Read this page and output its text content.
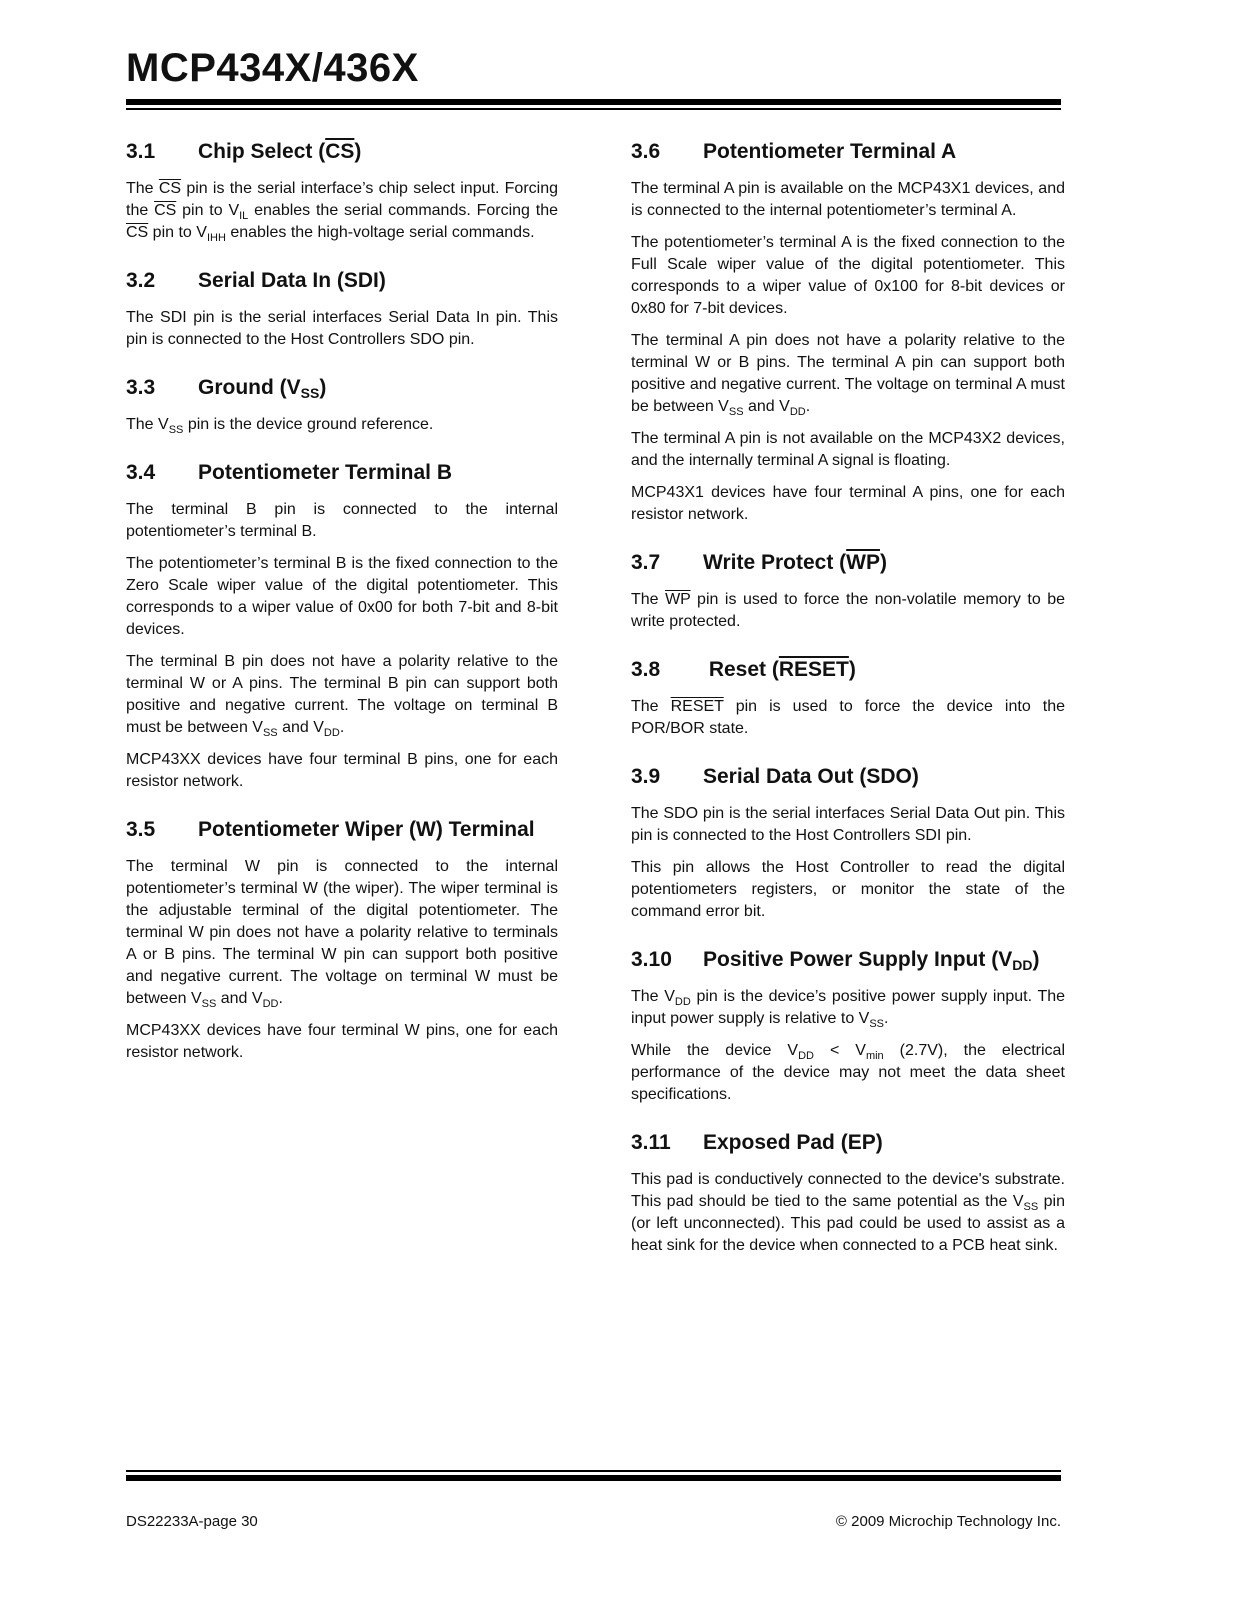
MCP434X/436X
3.1 Chip Select (CS)

The $\overline{CS}$ pin is the serial interface’s chip select input. Forcing the $\overline{CS}$ pin to $V_{IL}$ enables the serial commands. Forcing the $\overline{CS}$ pin to $V_{IHH}$ enables the high-voltage serial commands.

3.2 Serial Data In (SDI)

The SDI pin is the serial interfaces Serial Data In pin. This pin is connected to the Host Controllers SDO pin.

3.3 Ground $(V_{SS})$

The $V_{SS}$ pin is the device ground reference.

3.4 Potentiometer Terminal B

The terminal B pin is connected to the internal potentiometer’s terminal B.

The potentiometer’s terminal B is the fixed connection to the Zero Scale wiper value of the digital potentiometer. This corresponds to a wiper value of 0x00 for both 7-bit and 8-bit devices.

The terminal B pin does not have a polarity relative to the terminal W or A pins. The terminal B pin can support both positive and negative current. The voltage on terminal B must be between $V_{SS}$ and $V_{DD}$.

MCP43XX devices have four terminal B pins, one for each resistor network.

3.5 Potentiometer Wiper (W) Terminal

The terminal W pin is connected to the internal potentiometer’s terminal W (the wiper). The wiper terminal is the adjustable terminal of the digital potentiometer. The terminal W pin does not have a polarity relative to terminals A or B pins. The terminal W pin can support both positive and negative current. The voltage on terminal W must be between $V_{SS}$ and $V_{DD}$.

MCP43XX devices have four terminal W pins, one for each resistor network.

3.6 Potentiometer Terminal A

The terminal A pin is available on the MCP43X1 devices, and is connected to the internal potentiometer’s terminal A.

The potentiometer’s terminal A is the fixed connection to the Full Scale wiper value of the digital potentiometer. This corresponds to a wiper value of 0x100 for 8-bit devices or 0x80 for 7-bit devices.

The terminal A pin does not have a polarity relative to the terminal W or B pins. The terminal A pin can support both positive and negative current. The voltage on terminal A must be between $V_{SS}$ and $V_{DD}$.

The terminal A pin is not available on the MCP43X2 devices, and the internally terminal A signal is floating.

MCP43X1 devices have four terminal A pins, one for each resistor network.

3.7 Write Protect (WP)

The $\overline{WP}$ pin is used to force the non-volatile memory to be write protected.

3.8 Reset (RESET)

The RESET pin is used to force the device into the POR/BOR state.

3.9 Serial Data Out (SDO)

The SDO pin is the serial interfaces Serial Data Out pin. This pin is connected to the Host Controllers SDI pin.

This pin allows the Host Controller to read the digital potentiometers registers, or monitor the state of the command error bit.

3.10 Positive Power Supply Input $(V_{DD})$

The $V_{DD}$ pin is the device’s positive power supply input. The input power supply is relative to $V_{SS}$.

While the device $V_{DD} < V_{min}$ (2.7V), the electrical performance of the device may not meet the data sheet specifications.

3.11 Exposed Pad (EP)

This pad is conductively connected to the device's substrate. This pad should be tied to the same potential as the $V_{SS}$ pin (or left unconnected). This pad could be used to assist as a heat sink for the device when connected to a PCB heat sink.

DS22233A-page 30	© 2009 Microchip Technology Inc.
